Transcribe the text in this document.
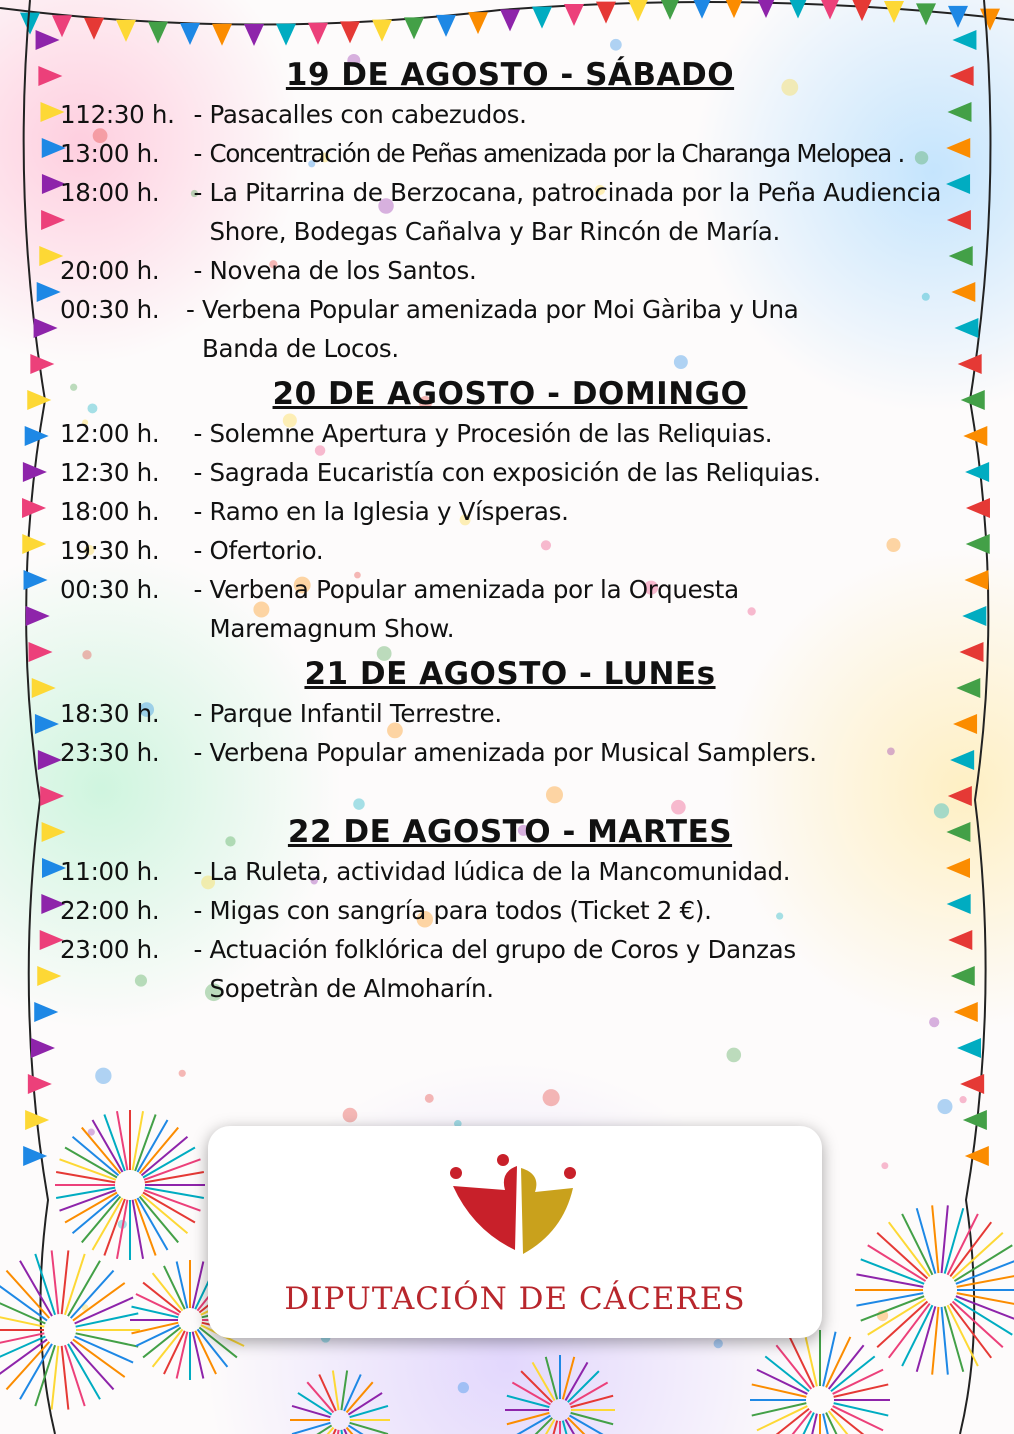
19 DE AGOSTO - SÁBADO
112:30 h. - Pasacalles con cabezudos.
13:00 h.	- Concentración de Peñas amenizada por la Charanga Melopea .
18:00 h.	- La Pitarrina de Berzocana, patrocinada por la Peña Audiencia Shore, Bodegas Cañalva y Bar Rincón de María.
20:00 h.	- Novena de los Santos.
00:30 h.	- Verbena Popular amenizada por Moi Gàriba y Una Banda de Locos.
20 DE AGOSTO - DOMINGO
12:00 h.	- Solemne Apertura y Procesión de las Reliquias.
12:30 h.	- Sagrada Eucaristía con exposición de las Reliquias.
18:00 h.	- Ramo en la Iglesia y Vísperas.
19:30 h.	- Ofertorio.
00:30 h.	- Verbena Popular amenizada por la Orquesta Maremagnum Show.
21 DE AGOSTO - LUNEs
18:30 h.	- Parque Infantil Terrestre.
23:30 h.	- Verbena Popular amenizada por Musical Samplers.
22 DE AGOSTO - MARTES
11:00 h.	- La Ruleta, actividad lúdica de la Mancomunidad.
22:00 h.	- Migas con sangría para todos (Ticket 2 €).
23:00 h.	- Actuación folklórica del grupo de Coros y Danzas Sopetràn de Almoharín.
DIPUTACIÓN DE CÁCERES
